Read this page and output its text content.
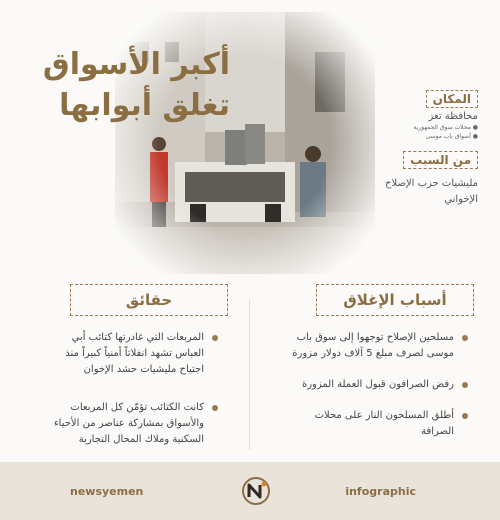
أكبر الأسواق
تغلق أبوابها	المكان
محافظة تعز
● محلات سوق الجمهورية
● أسواق باب موسى
من السبب
مليشيات حزب الإصلاح الإخواني
أسباب الإغلاق
حقائق
مسلحين الإصلاح توجهوا إلى سوق باب موسى لصرف مبلغ 5 آلاف دولار مزورة
رفض الصرافون قبول العملة المزورة
أطلق المسلحون النار على محلات الصرافة
المربعات التي غادرتها كتائب أبي العباس تشهد انفلاتاً أمنياً كبيراً منذ اجتياح مليشيات حشد الإخوان
كانت الكتائب تؤمّن كل المربعات والأسواق بمشاركة عناصر من الأحياء السكنية وملاك المحال التجارية
newsyemen	infographic
